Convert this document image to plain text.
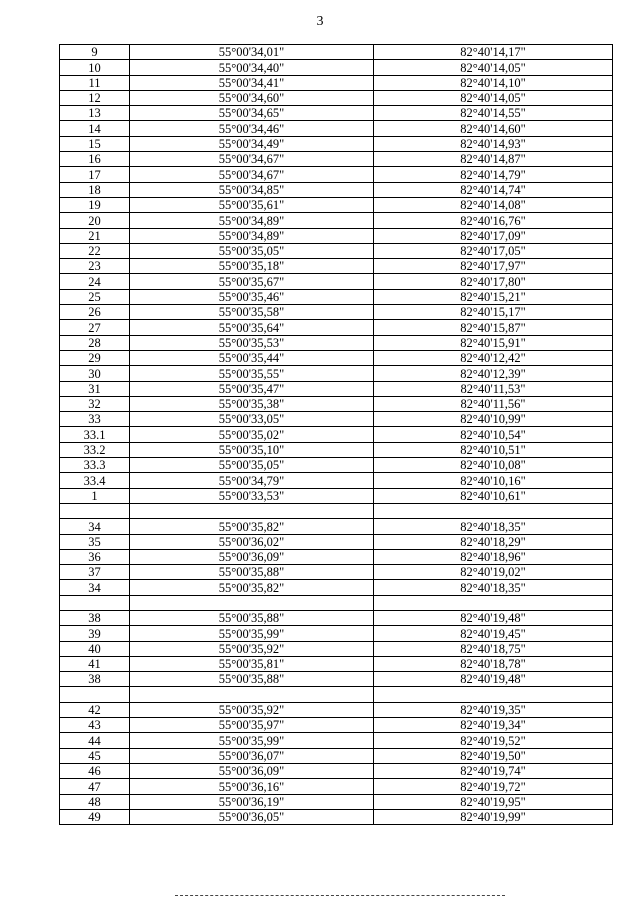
3
9	55°00'34,01"	82°40'14,17"
10	55°00'34,40"	82°40'14,05"
11	55°00'34,41"	82°40'14,10"
12	55°00'34,60"	82°40'14,05"
13	55°00'34,65"	82°40'14,55"
14	55°00'34,46"	82°40'14,60"
15	55°00'34,49"	82°40'14,93"
16	55°00'34,67"	82°40'14,87"
17	55°00'34,67"	82°40'14,79"
18	55°00'34,85"	82°40'14,74"
19	55°00'35,61"	82°40'14,08"
20	55°00'34,89"	82°40'16,76"
21	55°00'34,89"	82°40'17,09"
22	55°00'35,05"	82°40'17,05"
23	55°00'35,18"	82°40'17,97"
24	55°00'35,67"	82°40'17,80"
25	55°00'35,46"	82°40'15,21"
26	55°00'35,58"	82°40'15,17"
27	55°00'35,64"	82°40'15,87"
28	55°00'35,53"	82°40'15,91"
29	55°00'35,44"	82°40'12,42"
30	55°00'35,55"	82°40'12,39"
31	55°00'35,47"	82°40'11,53"
32	55°00'35,38"	82°40'11,56"
33	55°00'33,05"	82°40'10,99"
33.1	55°00'35,02"	82°40'10,54"
33.2	55°00'35,10"	82°40'10,51"
33.3	55°00'35,05"	82°40'10,08"
33.4	55°00'34,79"	82°40'10,16"
1	55°00'33,53"	82°40'10,61"

34	55°00'35,82"	82°40'18,35"
35	55°00'36,02"	82°40'18,29"
36	55°00'36,09"	82°40'18,96"
37	55°00'35,88"	82°40'19,02"
34	55°00'35,82"	82°40'18,35"

38	55°00'35,88"	82°40'19,48"
39	55°00'35,99"	82°40'19,45"
40	55°00'35,92"	82°40'18,75"
41	55°00'35,81"	82°40'18,78"
38	55°00'35,88"	82°40'19,48"

42	55°00'35,92"	82°40'19,35"
43	55°00'35,97"	82°40'19,34"
44	55°00'35,99"	82°40'19,52"
45	55°00'36,07"	82°40'19,50"
46	55°00'36,09"	82°40'19,74"
47	55°00'36,16"	82°40'19,72"
48	55°00'36,19"	82°40'19,95"
49	55°00'36,05"	82°40'19,99"
